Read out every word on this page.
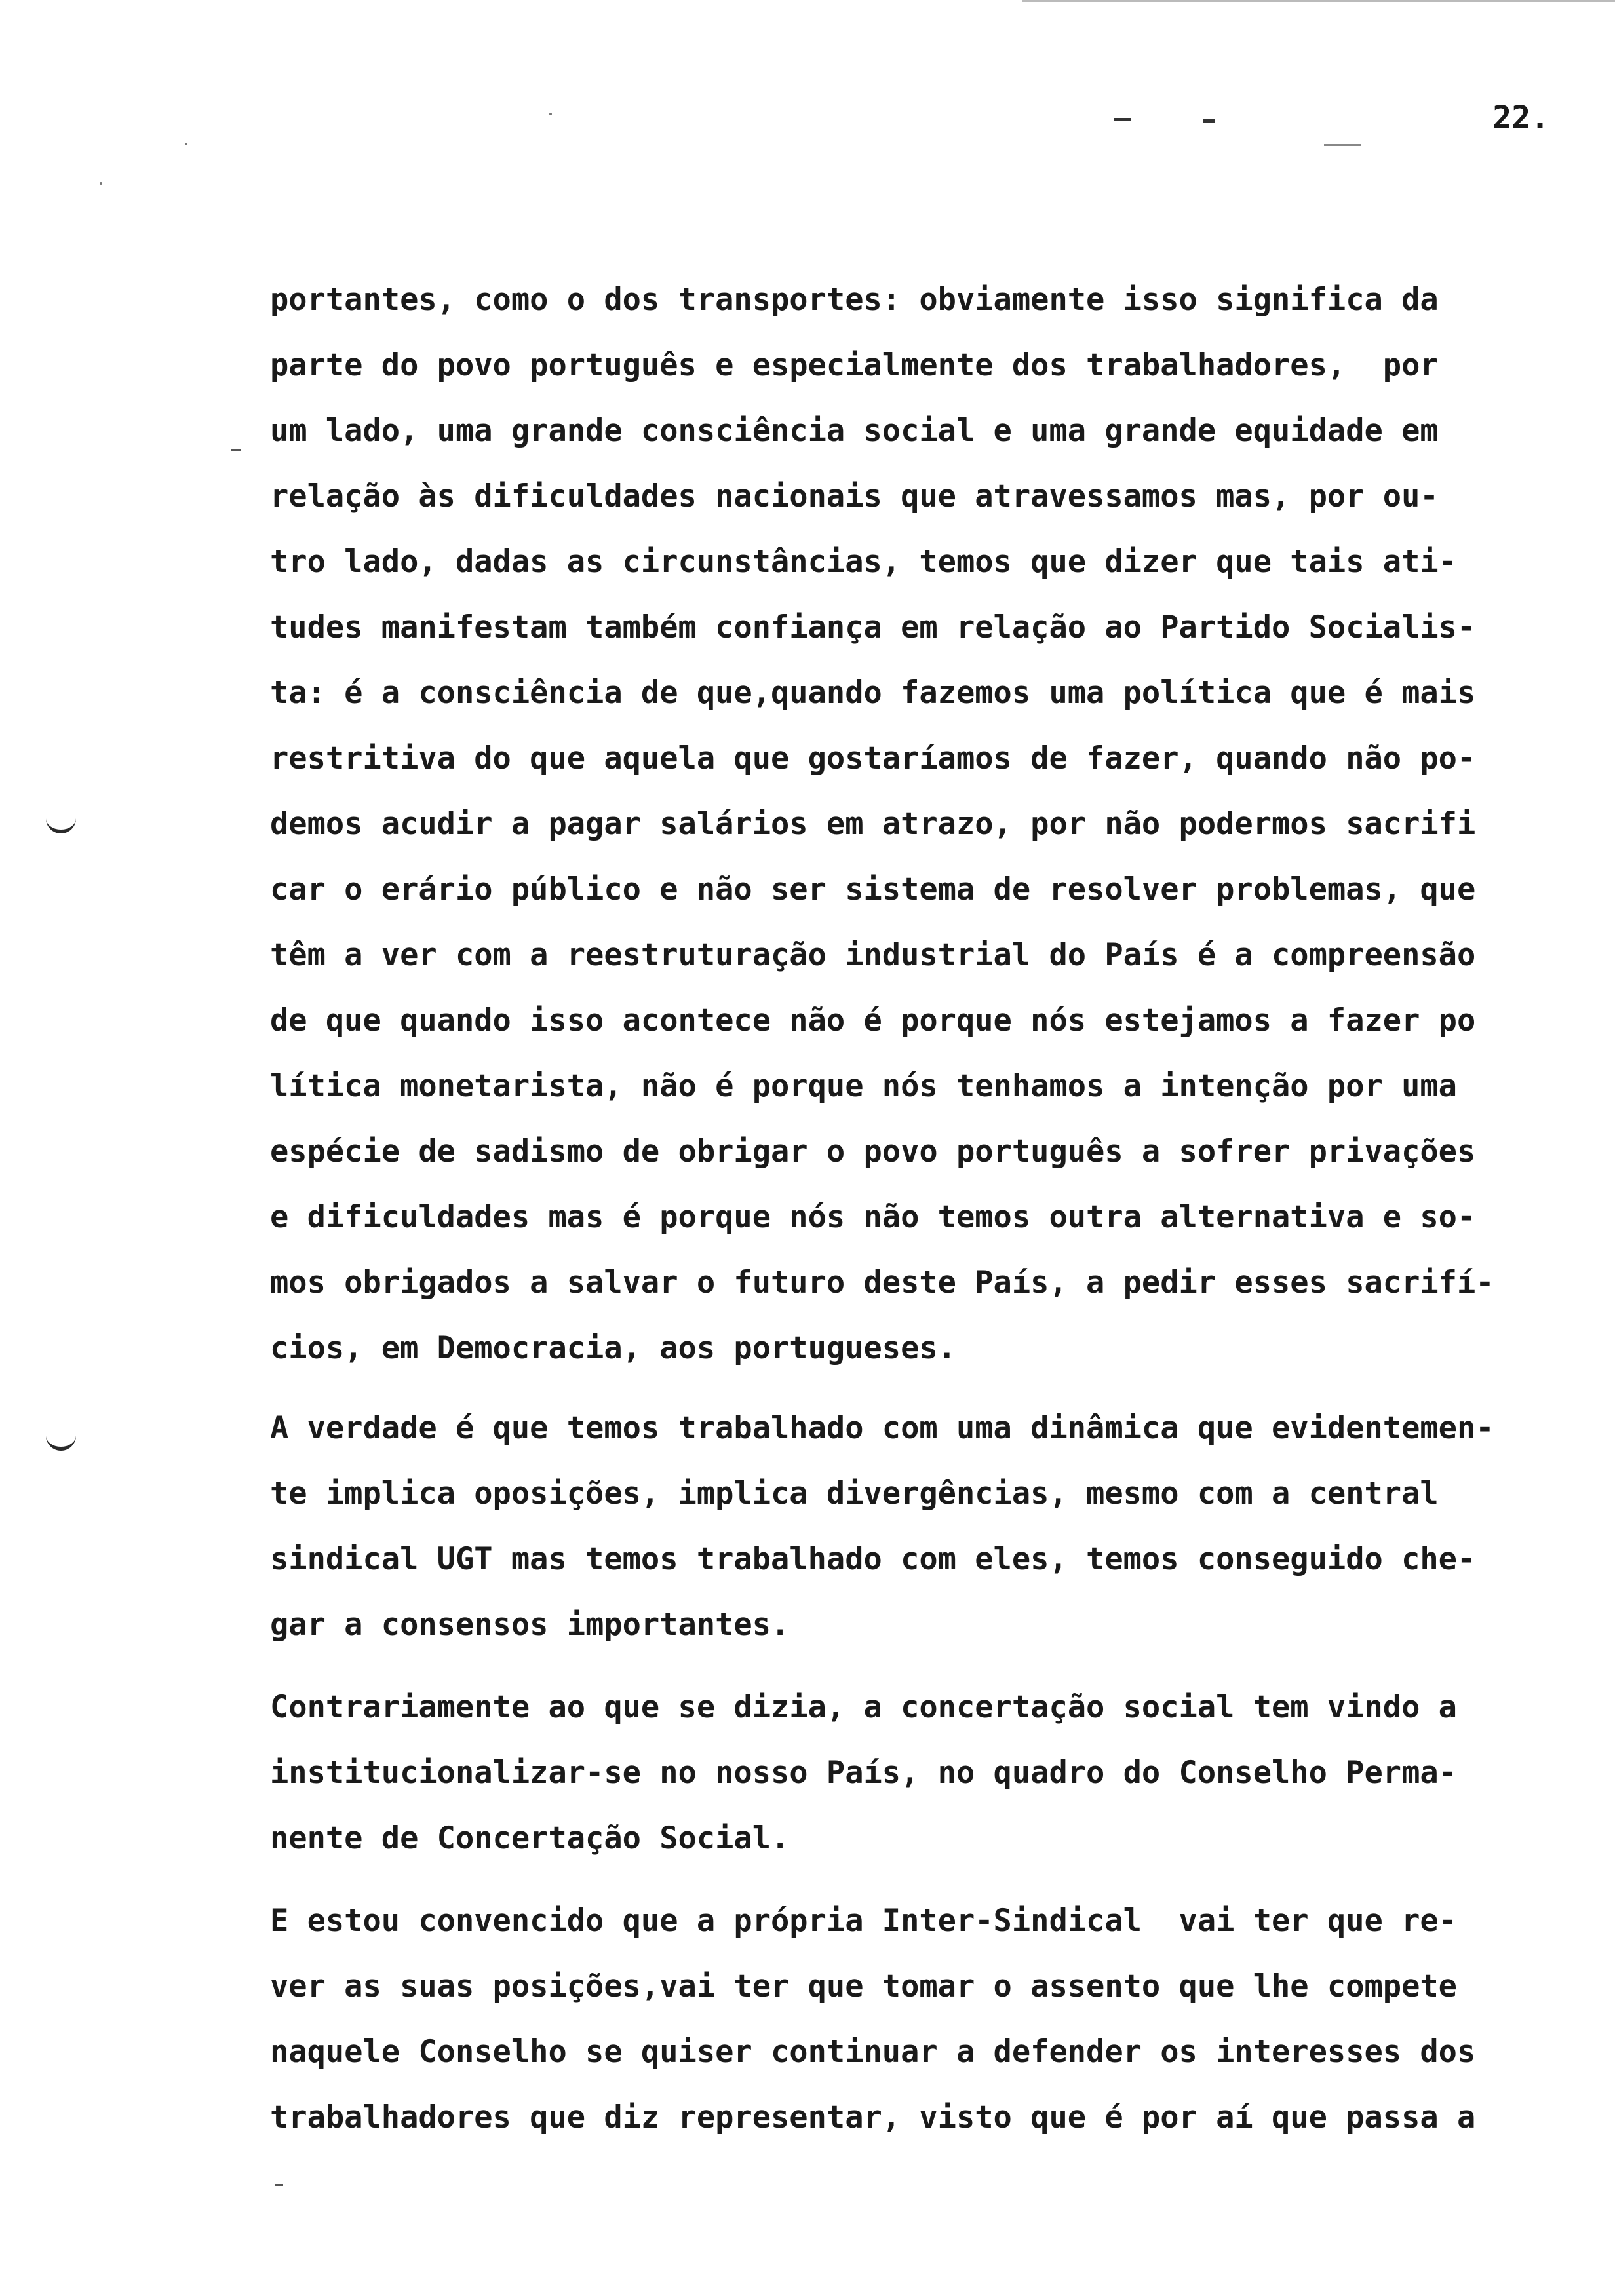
22.
portantes, como o dos transportes: obviamente isso significa da
parte do povo português e especialmente dos trabalhadores,  por
um lado, uma grande consciência social e uma grande equidade em
relação às dificuldades nacionais que atravessamos mas, por ou-
tro lado, dadas as circunstâncias, temos que dizer que tais ati-
tudes manifestam também confiança em relação ao Partido Socialis-
ta: é a consciência de que,quando fazemos uma política que é mais
restritiva do que aquela que gostaríamos de fazer, quando não po-
demos acudir a pagar salários em atrazo, por não podermos sacrifi
car o erário público e não ser sistema de resolver problemas, que
têm a ver com a reestruturação industrial do País é a compreensão
de que quando isso acontece não é porque nós estejamos a fazer po
lítica monetarista, não é porque nós tenhamos a intenção por uma
espécie de sadismo de obrigar o povo português a sofrer privações
e dificuldades mas é porque nós não temos outra alternativa e so-
mos obrigados a salvar o futuro deste País, a pedir esses sacrifí-
cios, em Democracia, aos portugueses.
A verdade é que temos trabalhado com uma dinâmica que evidentemen-
te implica oposições, implica divergências, mesmo com a central
sindical UGT mas temos trabalhado com eles, temos conseguido che-
gar a consensos importantes.
Contrariamente ao que se dizia, a concertação social tem vindo a
institucionalizar-se no nosso País, no quadro do Conselho Perma-
nente de Concertação Social.
E estou convencido que a própria Inter-Sindical  vai ter que re-
ver as suas posições,vai ter que tomar o assento que lhe compete
naquele Conselho se quiser continuar a defender os interesses dos
trabalhadores que diz representar, visto que é por aí que passa a
